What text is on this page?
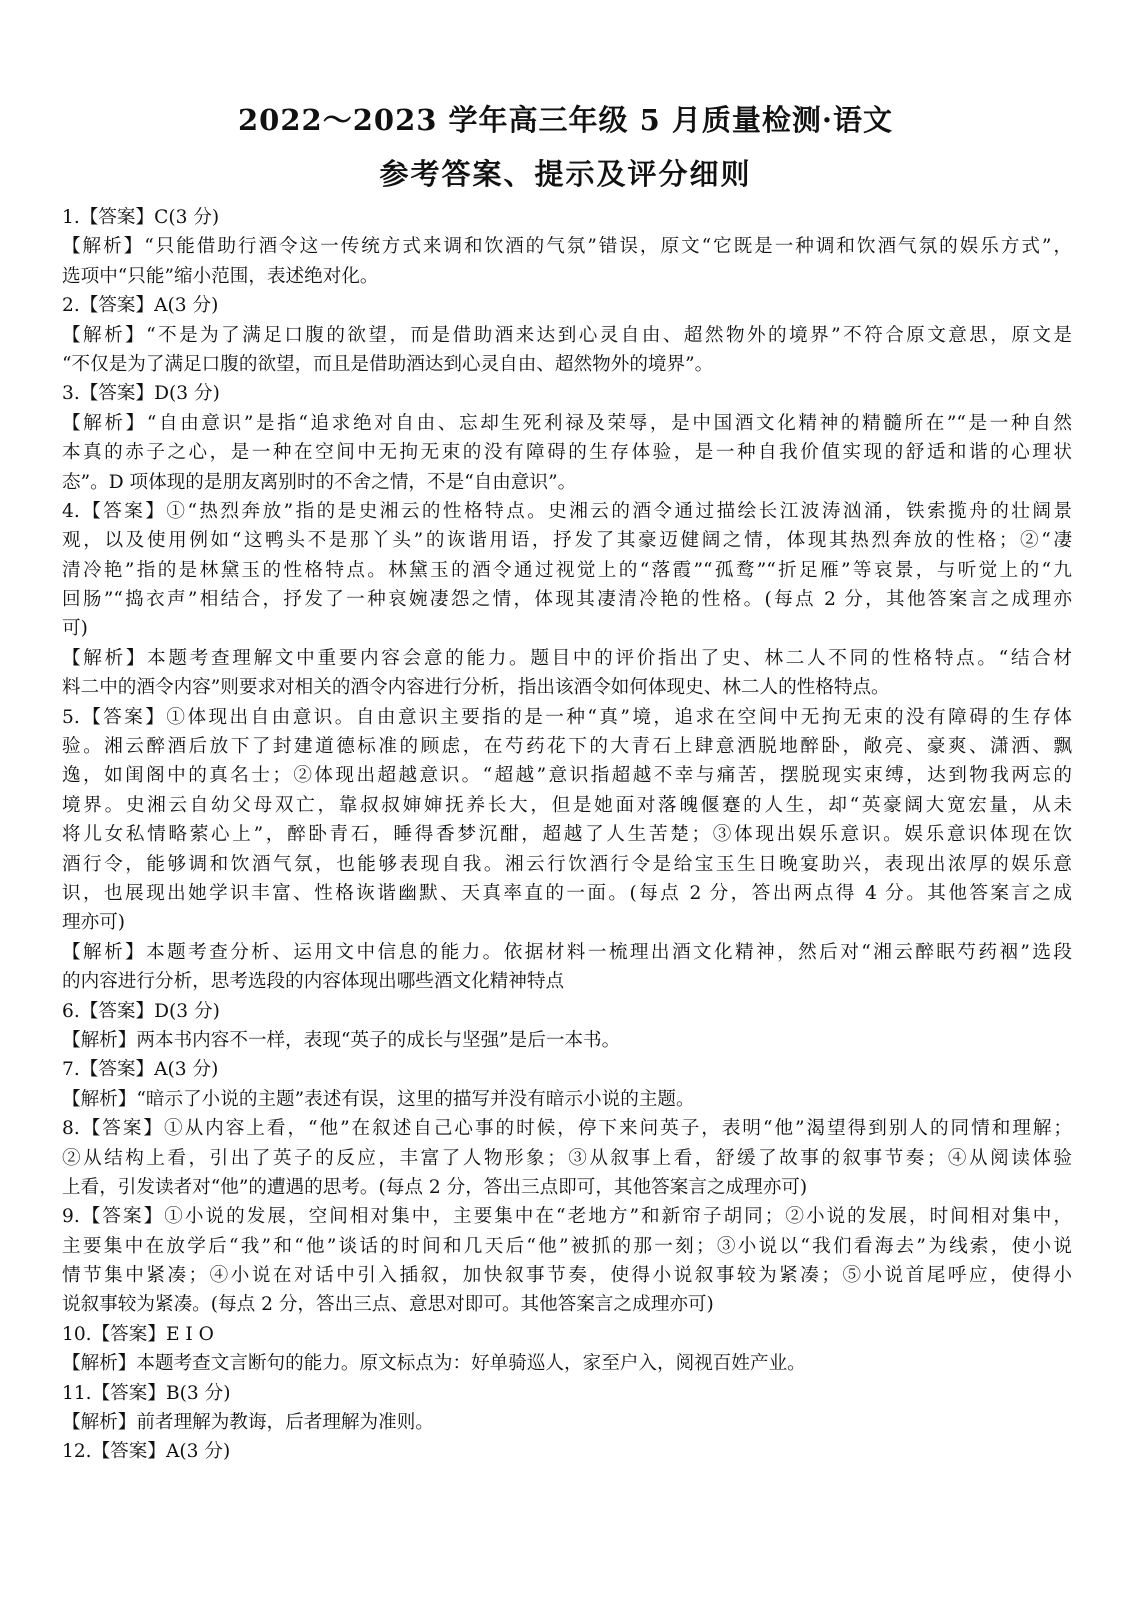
2022～2023 学年高三年级 5 月质量检测·语文
参考答案、提示及评分细则
1.【答案】C(3 分)
【解析】“只能借助行酒令这一传统方式来调和饮酒的气氛”错误，原文“它既是一种调和饮酒气氛的娱乐方式”，
选项中“只能”缩小范围，表述绝对化。
2.【答案】A(3 分)
【解析】“不是为了满足口腹的欲望，而是借助酒来达到心灵自由、超然物外的境界”不符合原文意思，原文是
“不仅是为了满足口腹的欲望，而且是借助酒达到心灵自由、超然物外的境界”。
3.【答案】D(3 分)
【解析】“自由意识”是指“追求绝对自由、忘却生死利禄及荣辱，是中国酒文化精神的精髓所在”“是一种自然
本真的赤子之心，是一种在空间中无拘无束的没有障碍的生存体验，是一种自我价值实现的舒适和谐的心理状
态”。D 项体现的是朋友离别时的不舍之情，不是“自由意识”。
4.【答案】①“热烈奔放”指的是史湘云的性格特点。史湘云的酒令通过描绘长江波涛汹涌，铁索揽舟的壮阔景
观，以及使用例如“这鸭头不是那丫头”的诙谐用语，抒发了其豪迈健阔之情，体现其热烈奔放的性格；②“凄
清冷艳”指的是林黛玉的性格特点。林黛玉的酒令通过视觉上的“落霞”“孤鹜”“折足雁”等哀景，与听觉上的“九
回肠”“捣衣声”相结合，抒发了一种哀婉凄怨之情，体现其凄清冷艳的性格。(每点 2 分，其他答案言之成理亦
可)
【解析】本题考查理解文中重要内容会意的能力。题目中的评价指出了史、林二人不同的性格特点。“结合材
料二中的酒令内容”则要求对相关的酒令内容进行分析，指出该酒令如何体现史、林二人的性格特点。
5.【答案】①体现出自由意识。自由意识主要指的是一种“真”境，追求在空间中无拘无束的没有障碍的生存体
验。湘云醉酒后放下了封建道德标准的顾虑，在芍药花下的大青石上肆意洒脱地醉卧，敞亮、豪爽、潇洒、飘
逸，如闺阁中的真名士；②体现出超越意识。“超越”意识指超越不幸与痛苦，摆脱现实束缚，达到物我两忘的
境界。史湘云自幼父母双亡，靠叔叔婶婶抚养长大，但是她面对落魄偃蹇的人生，却“英豪阔大宽宏量，从未
将儿女私情略萦心上”，醉卧青石，睡得香梦沉酣，超越了人生苦楚；③体现出娱乐意识。娱乐意识体现在饮
酒行令，能够调和饮酒气氛，也能够表现自我。湘云行饮酒行令是给宝玉生日晚宴助兴，表现出浓厚的娱乐意
识，也展现出她学识丰富、性格诙谐幽默、天真率直的一面。(每点 2 分，答出两点得 4 分。其他答案言之成
理亦可)
【解析】本题考查分析、运用文中信息的能力。依据材料一梳理出酒文化精神，然后对“湘云醉眠芍药裀”选段
的内容进行分析，思考选段的内容体现出哪些酒文化精神特点
6.【答案】D(3 分)
【解析】两本书内容不一样，表现“英子的成长与坚强”是后一本书。
7.【答案】A(3 分)
【解析】“暗示了小说的主题”表述有误，这里的描写并没有暗示小说的主题。
8.【答案】①从内容上看，“他”在叙述自己心事的时候，停下来问英子，表明“他”渴望得到别人的同情和理解；
②从结构上看，引出了英子的反应，丰富了人物形象；③从叙事上看，舒缓了故事的叙事节奏；④从阅读体验
上看，引发读者对“他”的遭遇的思考。(每点 2 分，答出三点即可，其他答案言之成理亦可)
9.【答案】①小说的发展，空间相对集中，主要集中在“老地方”和新帘子胡同；②小说的发展，时间相对集中，
主要集中在放学后“我”和“他”谈话的时间和几天后“他”被抓的那一刻；③小说以“我们看海去”为线索，使小说
情节集中紧凑；④小说在对话中引入插叙，加快叙事节奏，使得小说叙事较为紧凑；⑤小说首尾呼应，使得小
说叙事较为紧凑。(每点 2 分，答出三点、意思对即可。其他答案言之成理亦可)
10.【答案】E I O
【解析】本题考查文言断句的能力。原文标点为：好单骑巡人，家至户入，阅视百姓产业。
11.【答案】B(3 分)
【解析】前者理解为教诲，后者理解为准则。
12.【答案】A(3 分)
